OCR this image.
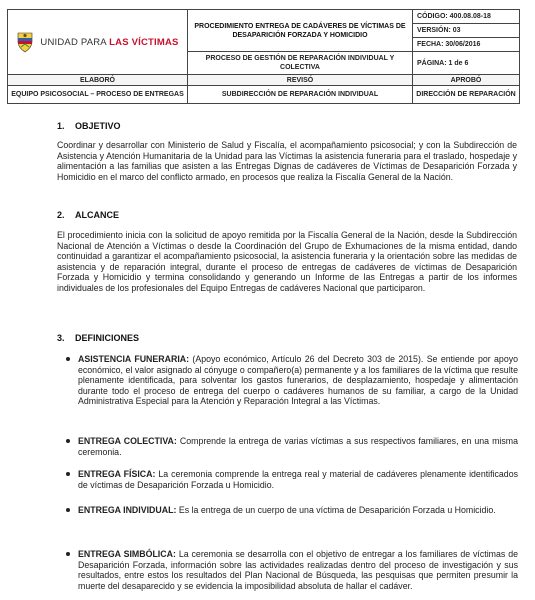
UNIDAD PARA LAS VÍCTIMAS	PROCEDIMIENTO ENTREGA DE CADÁVERES DE VÍCTIMAS DE DESAPARICIÓN FORZADA Y HOMICIDIO	CÓDIGO: 400.08.08-18
		VERSIÓN: 03
		FECHA: 30/06/2016
	PROCESO DE GESTIÓN DE REPARACIÓN INDIVIDUAL Y COLECTIVA	PÁGINA: 1 de 6
ELABORÓ	REVISÓ	APROBÓ
EQUIPO PSICOSOCIAL – PROCESO DE ENTREGAS	SUBDIRECCIÓN DE REPARACIÓN INDIVIDUAL	DIRECCIÓN DE REPARACIÓN
1. OBJETIVO
Coordinar y desarrollar con Ministerio de Salud y Fiscalía, el acompañamiento psicosocial; y con la Subdirección de Asistencia y Atención Humanitaria de la Unidad para las Víctimas la asistencia funeraria para el traslado, hospedaje y alimentación a las familias que asisten a las Entregas Dignas de cadáveres de Víctimas de Desaparición Forzada y Homicidio en el marco del conflicto armado, en procesos que realiza la Fiscalía General de la Nación.
2. ALCANCE
El procedimiento inicia con la solicitud de apoyo remitida por la Fiscalía General de la Nación, desde la Subdirección Nacional de Atención a Víctimas o desde la Coordinación del Grupo de Exhumaciones de la misma entidad, dando continuidad a garantizar el acompañamiento psicosocial, la asistencia funeraria y la orientación sobre las medidas de asistencia y de reparación integral, durante el proceso de entregas de cadáveres de víctimas de Desaparición Forzada y Homicidio y termina consolidando y generando un Informe de las Entregas a partir de los informes individuales de los profesionales del Equipo Entregas de cadáveres Nacional que participaron.
3. DEFINICIONES
ASISTENCIA FUNERARIA: (Apoyo económico, Artículo 26 del Decreto 303 de 2015). Se entiende por apoyo económico, el valor asignado al cónyuge o compañero(a) permanente y a los familiares de la víctima que resulte plenamente identificada, para solventar los gastos funerarios, de desplazamiento, hospedaje y alimentación durante todo el proceso de entrega del cuerpo o cadáveres humanos de su familiar, a cargo de la Unidad Administrativa Especial para la Atención y Reparación Integral a las Víctimas.
ENTREGA COLECTIVA: Comprende la entrega de varias víctimas a sus respectivos familiares, en una misma ceremonia.
ENTREGA FÍSICA: La ceremonia comprende la entrega real y material de cadáveres plenamente identificados de víctimas de Desaparición Forzada u Homicidio.
ENTREGA INDIVIDUAL: Es la entrega de un cuerpo de una víctima de Desaparición Forzada u Homicidio.
ENTREGA SIMBÓLICA: La ceremonia se desarrolla con el objetivo de entregar a los familiares de víctimas de Desaparición Forzada, información sobre las actividades realizadas dentro del proceso de investigación y sus resultados, entre estos los resultados del Plan Nacional de Búsqueda, las pesquisas que permiten presumir la muerte del desaparecido y se evidencia la imposibilidad absoluta de hallar el cadáver.
